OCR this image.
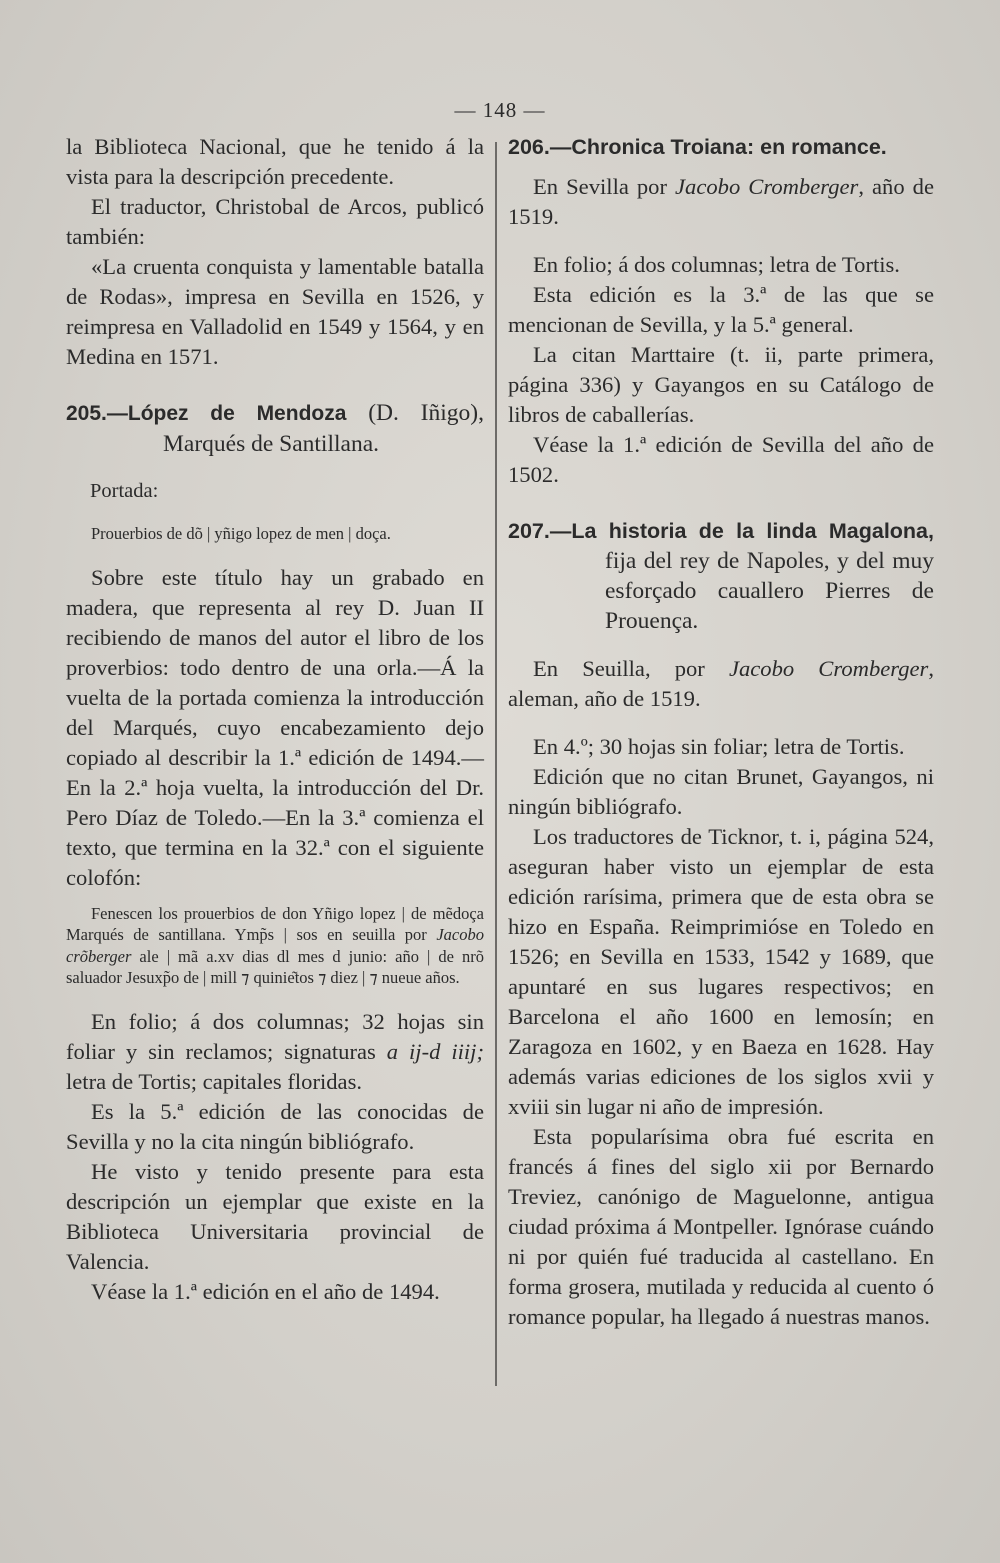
— 148 —

la Biblioteca Nacional, que he tenido á la vista para la descripción precedente.

El traductor, Christobal de Arcos, publicó también:

«La cruenta conquista y lamentable batalla de Rodas», impresa en Sevilla en 1526, y reimpresa en Valladolid en 1549 y 1564, y en Medina en 1571.

205.—López de Mendoza (D. Iñigo), Marqués de Santillana.

Portada:

Prouerbios de dõ | yñigo lopez de men | doça.

Sobre este título hay un grabado en madera, que representa al rey D. Juan II recibiendo de manos del autor el libro de los proverbios: todo dentro de una orla.—Á la vuelta de la portada comienza la introducción del Marqués, cuyo encabezamiento dejo copiado al describir la 1.ª edición de 1494.—En la 2.ª hoja vuelta, la introducción del Dr. Pero Díaz de Toledo.—En la 3.ª comienza el texto, que termina en la 32.ª con el siguiente colofón:

Fenescen los prouerbios de don Yñigo lopez | de mẽdoça Marqués de santillana. Ymp̃s | sos en seuilla por Jacobo crõberger ale | mã a.xv dias dl mes d junio: año | de nrõ saluador Jesuxp̃o de | mill ⁊ quinie͂tos ⁊ diez | ⁊ nueue años.

En folio; á dos columnas; 32 hojas sin foliar y sin reclamos; signaturas a ij-d iiij; letra de Tortis; capitales floridas.

Es la 5.ª edición de las conocidas de Sevilla y no la cita ningún bibliógrafo.

He visto y tenido presente para esta descripción un ejemplar que existe en la Biblioteca Universitaria provincial de Valencia.

Véase la 1.ª edición en el año de 1494.

206.—Chronica Troiana: en romance.

En Sevilla por Jacobo Cromberger, año de 1519.

En folio; á dos columnas; letra de Tortis.

Esta edición es la 3.ª de las que se mencionan de Sevilla, y la 5.ª general.

La citan Marttaire (t. ii, parte primera, página 336) y Gayangos en su Catálogo de libros de caballerías.

Véase la 1.ª edición de Sevilla del año de 1502.

207.—La historia de la linda Magalona, fija del rey de Napoles, y del muy esforçado cauallero Pierres de Prouença.

En Seuilla, por Jacobo Cromberger, aleman, año de 1519.

En 4.º; 30 hojas sin foliar; letra de Tortis.

Edición que no citan Brunet, Gayangos, ni ningún bibliógrafo.

Los traductores de Ticknor, t. i, página 524, aseguran haber visto un ejemplar de esta edición rarísima, primera que de esta obra se hizo en España. Reimprimióse en Toledo en 1526; en Sevilla en 1533, 1542 y 1689, que apuntaré en sus lugares respectivos; en Barcelona el año 1600 en lemosín; en Zaragoza en 1602, y en Baeza en 1628. Hay además varias ediciones de los siglos xvii y xviii sin lugar ni año de impresión.

Esta popularísima obra fué escrita en francés á fines del siglo xii por Bernardo Treviez, canónigo de Maguelonne, antigua ciudad próxima á Montpeller. Ignórase cuándo ni por quién fué traducida al castellano. En forma grosera, mutilada y reducida al cuento ó romance popular, ha llegado á nuestras manos.
